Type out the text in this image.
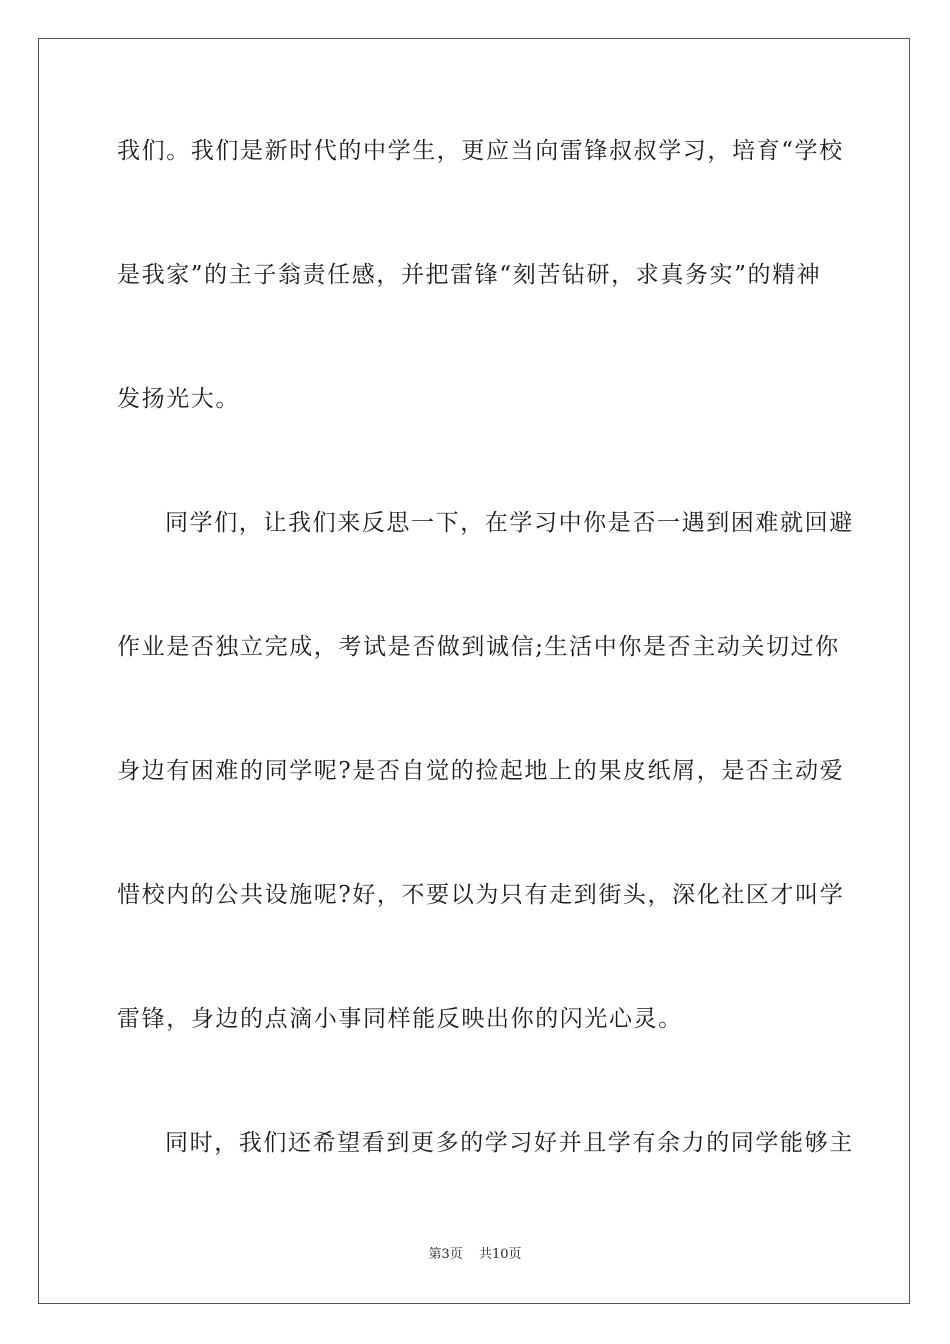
我们。我们是新时代的中学生，更应当向雷锋叔叔学习，培育“学校
是我家”的主子翁责任感，并把雷锋“刻苦钻研，求真务实”的精神
发扬光大。
同学们，让我们来反思一下，在学习中你是否一遇到困难就回避
作业是否独立完成，考试是否做到诚信;生活中你是否主动关切过你
身边有困难的同学呢?是否自觉的捡起地上的果皮纸屑，是否主动爱
惜校内的公共设施呢?好，不要以为只有走到街头，深化社区才叫学
雷锋，身边的点滴小事同样能反映出你的闪光心灵。
同时，我们还希望看到更多的学习好并且学有余力的同学能够主
第3页 共10页
